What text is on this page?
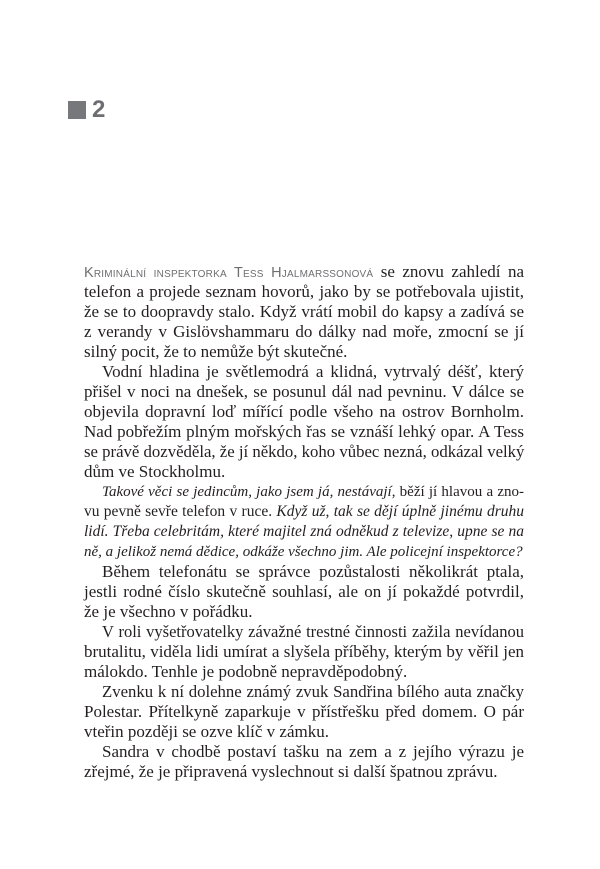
2
Kriminální inspektorka Tess Hjalmarssonová se znovu zahledí na
telefon a projede seznam hovorů, jako by se potřebovala ujistit,
že se to doopravdy stalo. Když vrátí mobil do kapsy a zadívá se
z verandy v Gislövshammaru do dálky nad moře, zmocní se jí
silný pocit, že to nemůže být skutečné.
Vodní hladina je světlemodrá a klidná, vytrvalý déšť, který
přišel v noci na dnešek, se posunul dál nad pevninu. V dálce se
objevila dopravní loď mířící podle všeho na ostrov Bornholm.
Nad pobřežím plným mořských řas se vznáší lehký opar. A Tess
se právě dozvěděla, že jí někdo, koho vůbec nezná, odkázal velký
dům ve Stockholmu.
Takové věci se jedincům, jako jsem já, nestávají, běží jí hlavou a zno-
vu pevně sevře telefon v ruce. Když už, tak se dějí úplně jinému druhu
lidí. Třeba celebritám, které majitel zná odněkud z televize, upne se na
ně, a jelikož nemá dědice, odkáže všechno jim. Ale policejní inspektorce?
Během telefonátu se správce pozůstalosti několikrát ptala,
jestli rodné číslo skutečně souhlasí, ale on jí pokaždé potvrdil,
že je všechno v pořádku.
V roli vyšetřovatelky závažné trestné činnosti zažila nevídanou
brutalitu, viděla lidi umírat a slyšela příběhy, kterým by věřil jen
málokdo. Tenhle je podobně nepravděpodobný.
Zvenku k ní dolehne známý zvuk Sandřina bílého auta značky
Polestar. Přítelkyně zaparkuje v přístřešku před domem. O pár
vteřin později se ozve klíč v zámku.
Sandra v chodbě postaví tašku na zem a z jejího výrazu je
zřejmé, že je připravená vyslechnout si další špatnou zprávu.
